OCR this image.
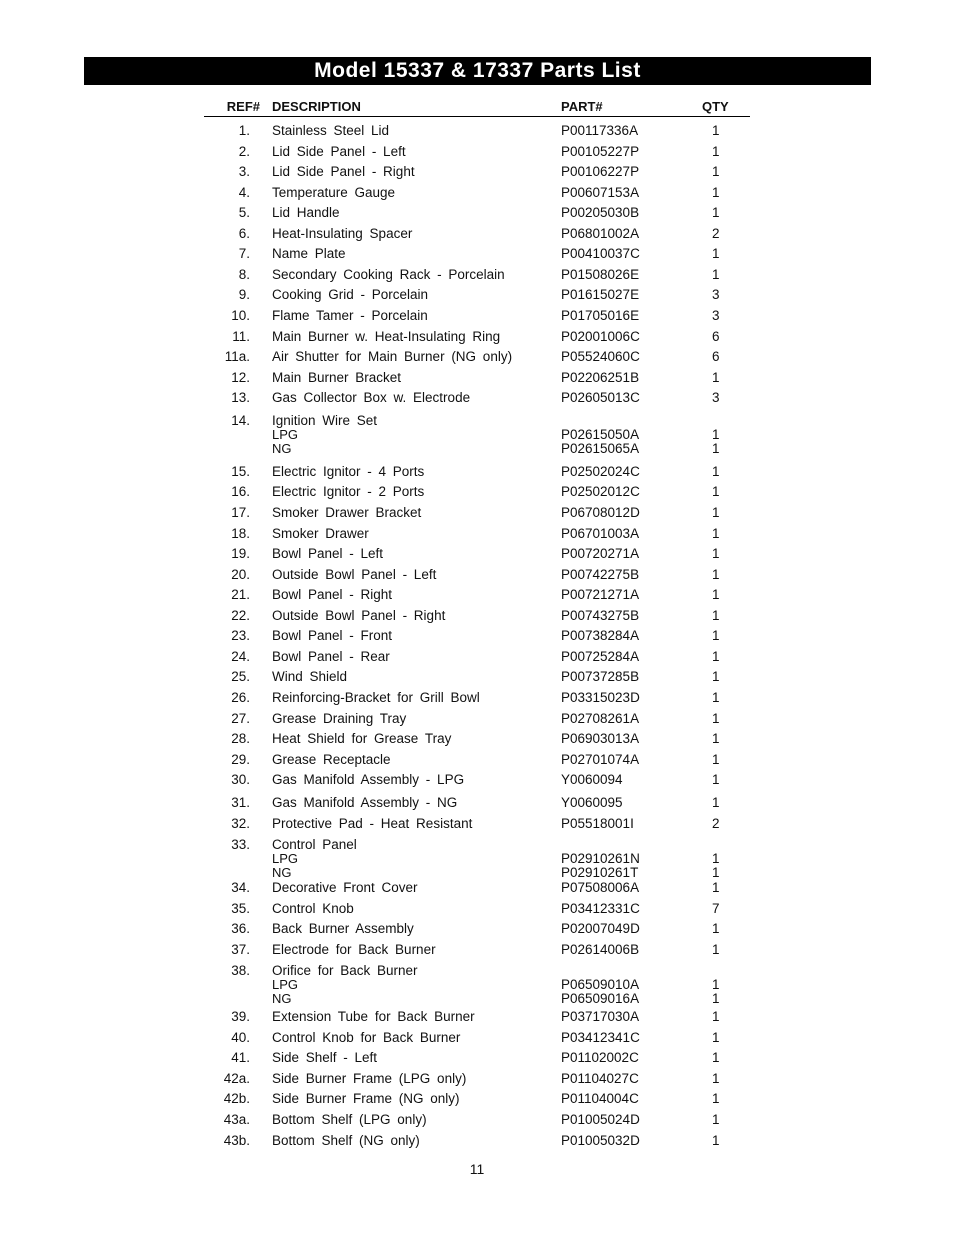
Model 15337 & 17337 Parts List
REF# DESCRIPTION	PART#	QTY
1. Stainless Steel Lid	P00117336A	1
2. Lid Side Panel - Left	P00105227P	1
3. Lid Side Panel - Right	P00106227P	1
4. Temperature Gauge	P00607153A	1
5. Lid Handle	P00205030B	1
6. Heat-Insulating Spacer	P06801002A	2
7. Name Plate	P00410037C	1
8. Secondary Cooking Rack - Porcelain	P01508026E	1
9. Cooking Grid - Porcelain	P01615027E	3
10. Flame Tamer - Porcelain	P01705016E	3
11. Main Burner w. Heat-Insulating Ring	P02001006C	6
11a. Air Shutter for Main Burner (NG only)	P05524060C	6
12. Main Burner Bracket	P02206251B	1
13. Gas Collector Box w. Electrode	P02605013C	3
14. Ignition Wire Set
LPG	P02615050A	1
NG	P02615065A	1
15. Electric Ignitor - 4 Ports	P02502024C	1
16. Electric Ignitor - 2 Ports	P02502012C	1
17. Smoker Drawer Bracket	P06708012D	1
18. Smoker Drawer	P06701003A	1
19. Bowl Panel - Left	P00720271A	1
20. Outside Bowl Panel - Left	P00742275B	1
21. Bowl Panel - Right	P00721271A	1
22. Outside Bowl Panel - Right	P00743275B	1
23. Bowl Panel - Front	P00738284A	1
24. Bowl Panel - Rear	P00725284A	1
25. Wind Shield	P00737285B	1
26. Reinforcing-Bracket for Grill Bowl	P03315023D	1
27. Grease Draining Tray	P02708261A	1
28. Heat Shield for Grease Tray	P06903013A	1
29. Grease Receptacle	P02701074A	1
30. Gas Manifold Assembly - LPG	Y0060094	1
31. Gas Manifold Assembly - NG	Y0060095	1
32. Protective Pad - Heat Resistant	P05518001I	2
33. Control Panel
LPG	P02910261N	1
NG	P02910261T	1
34. Decorative Front Cover	P07508006A	1
35. Control Knob	P03412331C	7
36. Back Burner Assembly	P02007049D	1
37. Electrode for Back Burner	P02614006B	1
38. Orifice for Back Burner
LPG	P06509010A	1
NG	P06509016A	1
39. Extension Tube for Back Burner	P03717030A	1
40. Control Knob for Back Burner	P03412341C	1
41. Side Shelf - Left	P01102002C	1
42a. Side Burner Frame (LPG only)	P01104027C	1
42b. Side Burner Frame (NG only)	P01104004C	1
43a. Bottom Shelf (LPG only)	P01005024D	1
43b. Bottom Shelf (NG only)	P01005032D	1
11
